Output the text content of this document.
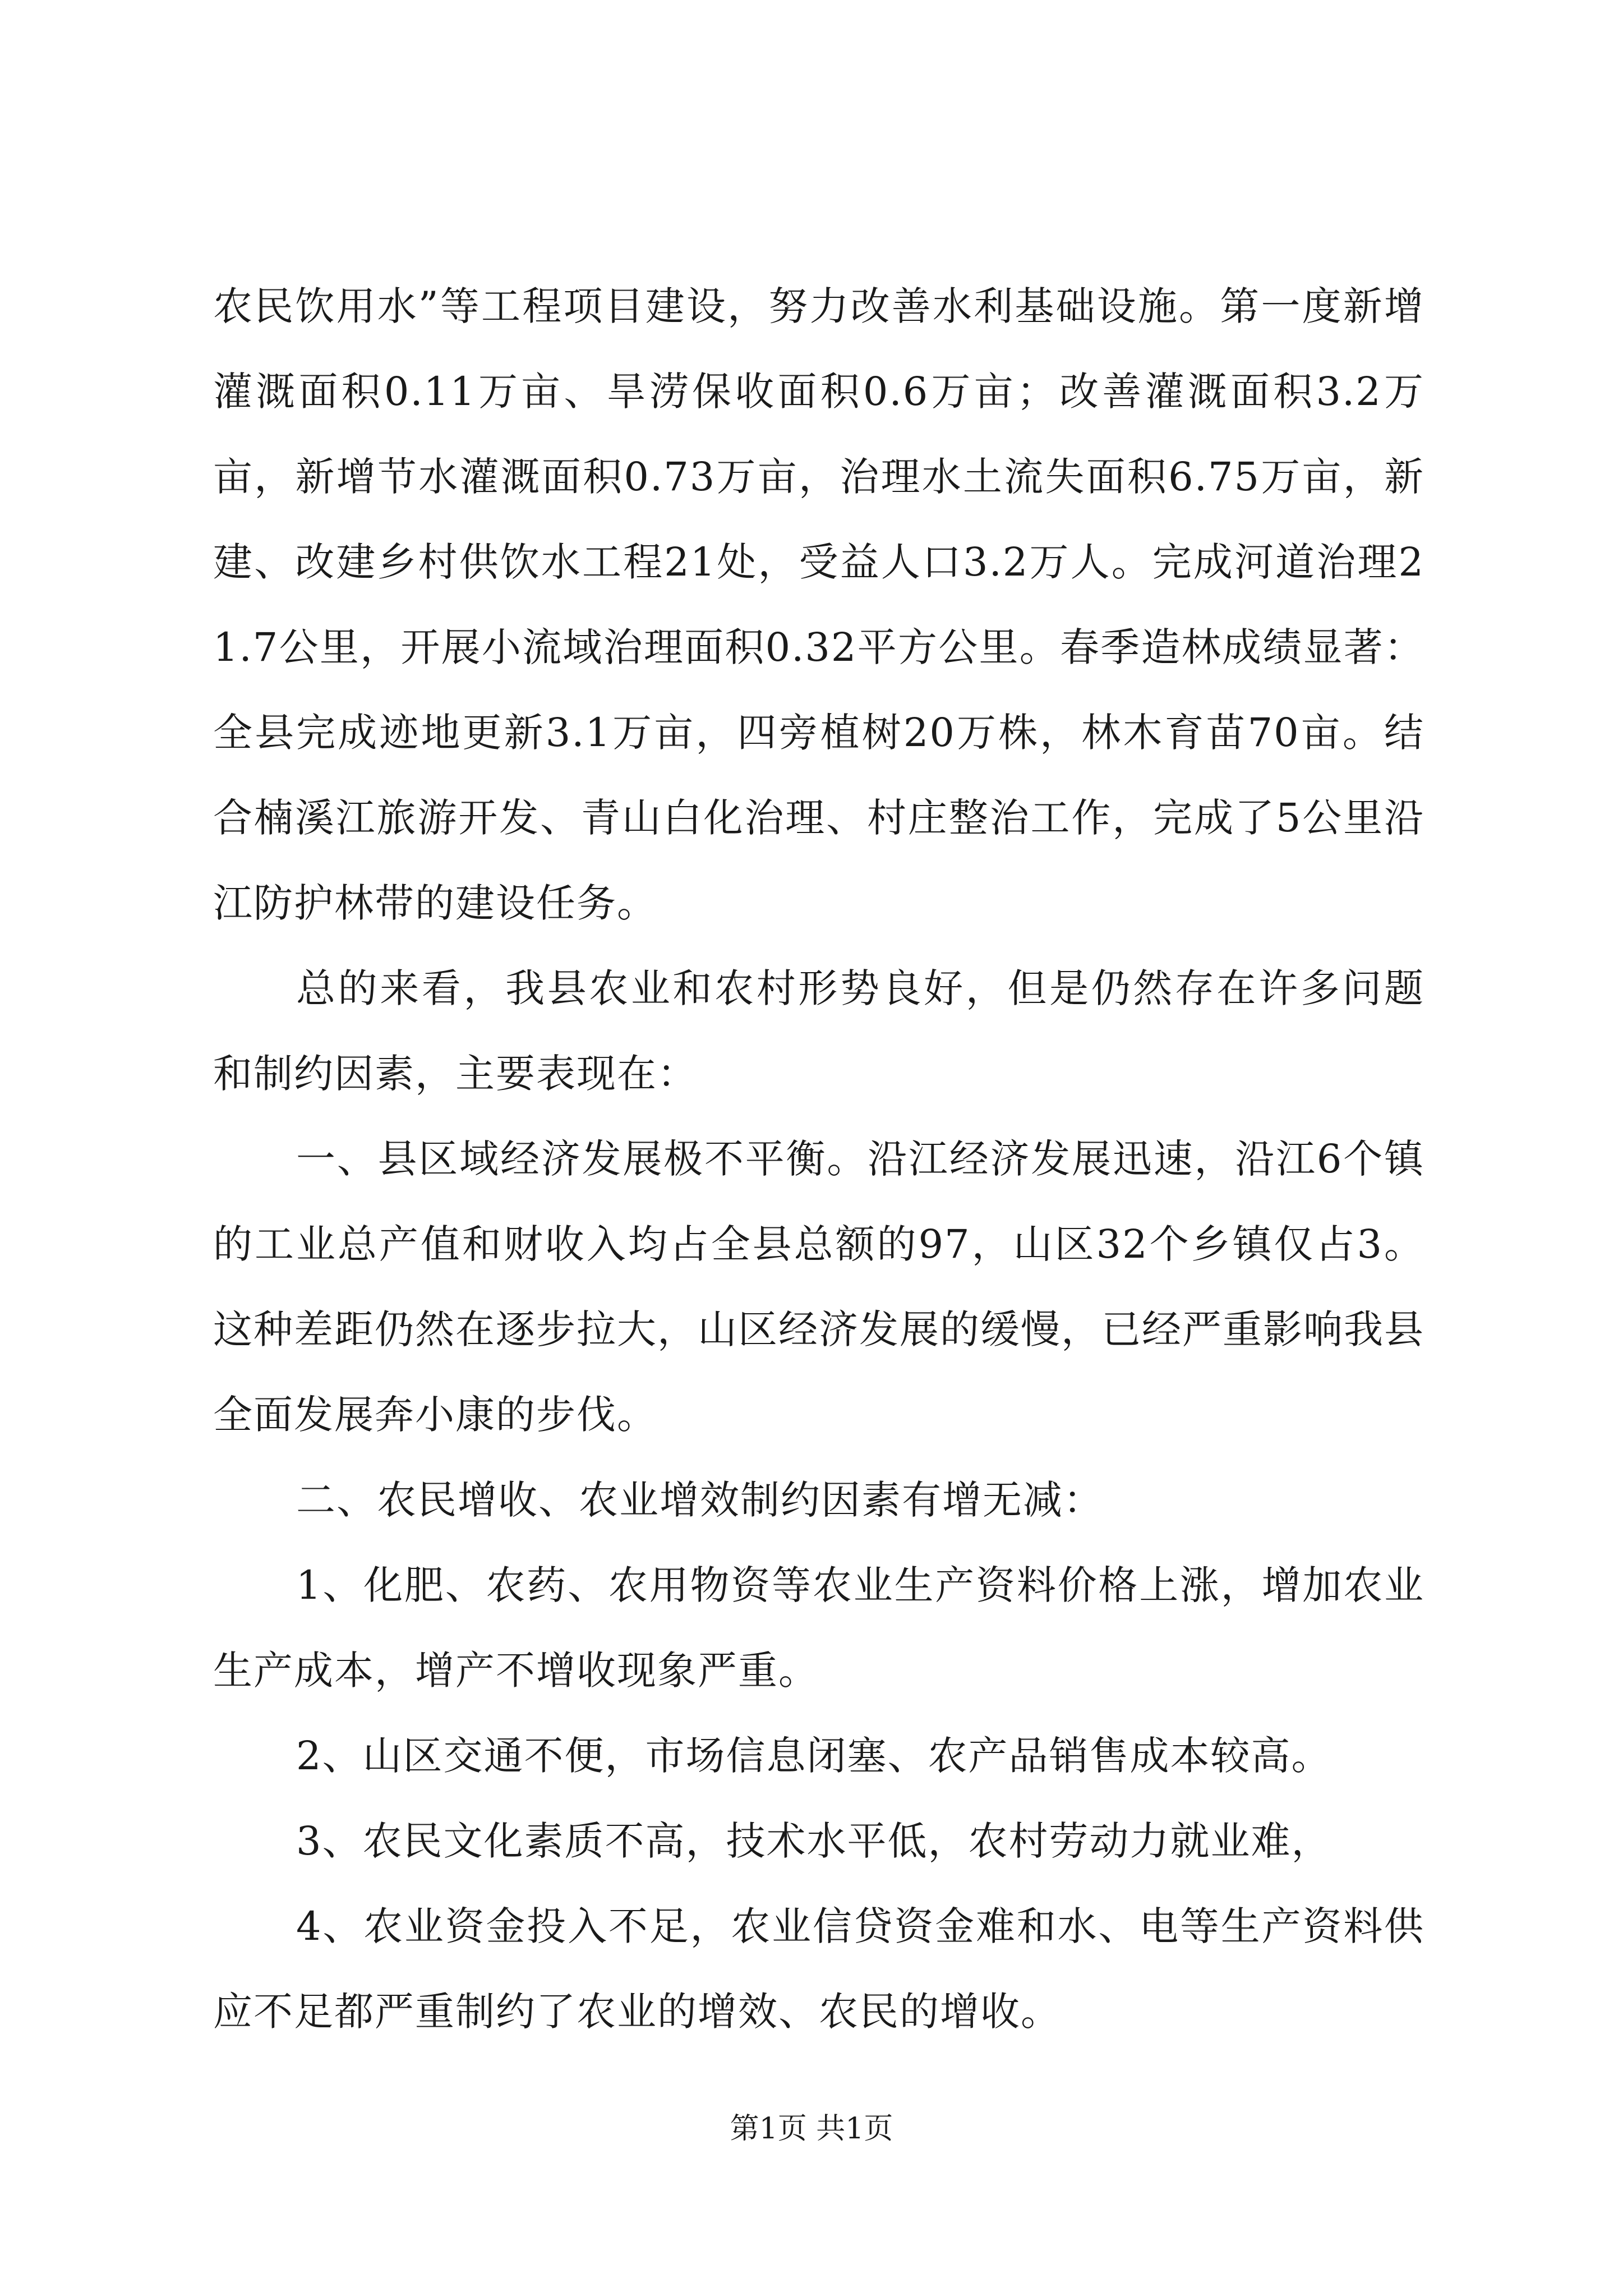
农民饮用水”等工程项目建设，努力改善水利基础设施。第一度新增灌溉面积0.11万亩、旱涝保收面积0.6万亩；改善灌溉面积3.2万亩，新增节水灌溉面积0.73万亩，治理水土流失面积6.75万亩，新建、改建乡村供饮水工程21处，受益人口3.2万人。完成河道治理21.7公里，开展小流域治理面积0.32平方公里。春季造林成绩显著：全县完成迹地更新3.1万亩，四旁植树20万株，林木育苗70亩。结合楠溪江旅游开发、青山白化治理、村庄整治工作，完成了5公里沿江防护林带的建设任务。

总的来看，我县农业和农村形势良好，但是仍然存在许多问题和制约因素，主要表现在：

一、县区域经济发展极不平衡。沿江经济发展迅速，沿江6个镇的工业总产值和财收入均占全县总额的97，山区32个乡镇仅占3。这种差距仍然在逐步拉大，山区经济发展的缓慢，已经严重影响我县全面发展奔小康的步伐。

二、农民增收、农业增效制约因素有增无减：

1、化肥、农药、农用物资等农业生产资料价格上涨，增加农业生产成本，增产不增收现象严重。

2、山区交通不便，市场信息闭塞、农产品销售成本较高。

3、农民文化素质不高，技术水平低，农村劳动力就业难，

4、农业资金投入不足，农业信贷资金难和水、电等生产资料供应不足都严重制约了农业的增效、农民的增收。

第1页 共1页
